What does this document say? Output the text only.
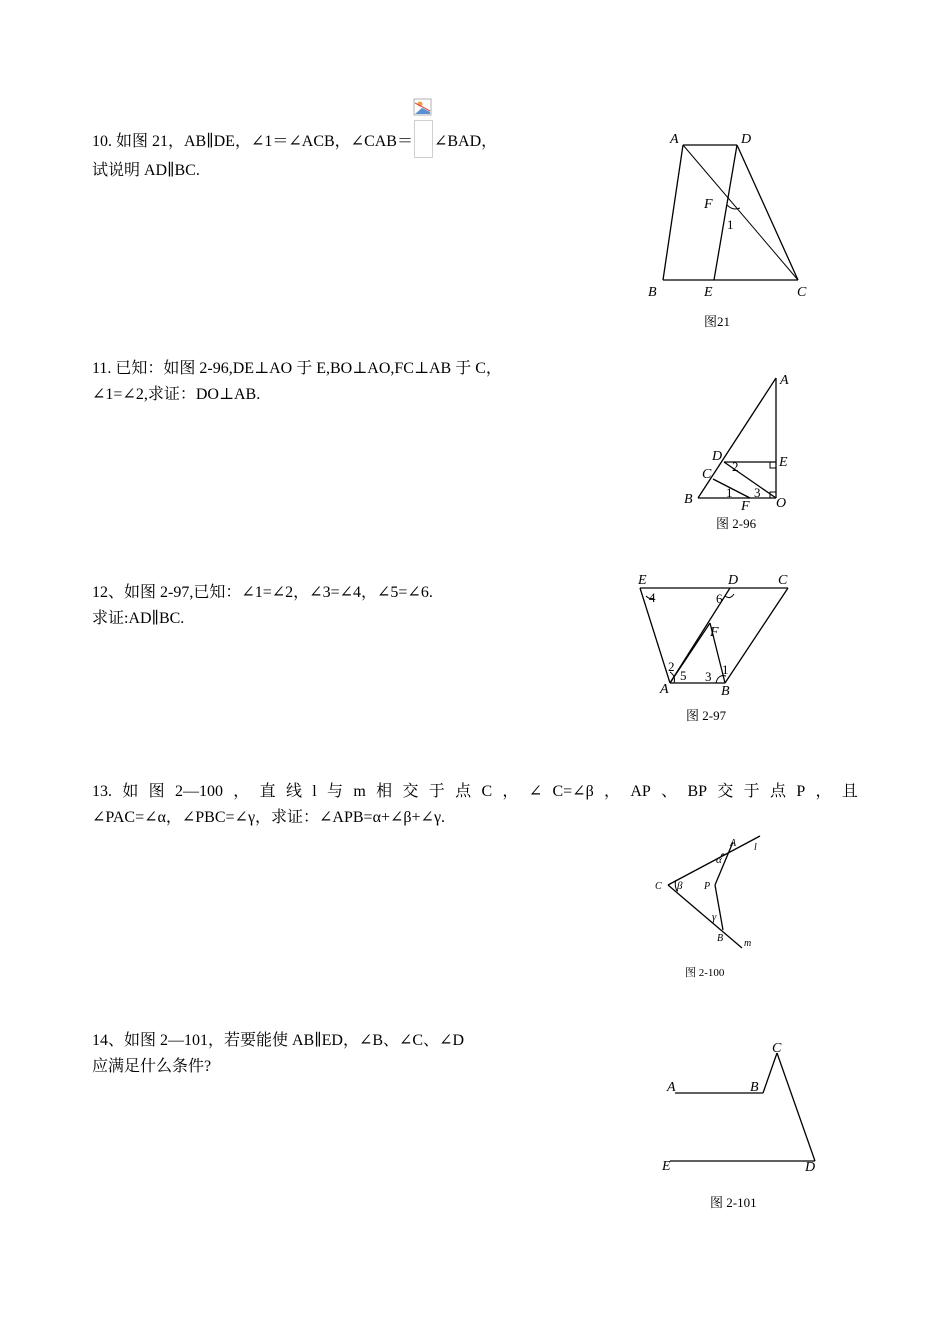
10. 如图 21，AB∥DE，∠1＝∠ACB，∠CAB＝ ∠BAD，

试说明 AD∥BC.

A	D
F
1
B	E	C
图21

11. 已知：如图 2-96,DE⊥AO 于 E,BO⊥AO,FC⊥AB 于 C，

∠1=∠2,求证：DO⊥AB.

A
D	E
2
C
1 3
B	F O
图 2-96

12、如图 2-97,已知：∠1=∠2，∠3=∠4，∠5=∠6.

求证:AD∥BC.

E	D	C
4	6
F
2
5 3 1
A	B
图 2-97

13. 如 图 2—100 ， 直 线 l 与 m 相 交 于 点 C ， ∠ C=∠β ， AP 、 BP 交 于 点 P ， 且

∠PAC=∠α，∠PBC=∠γ，求证：∠APB=α+∠β+∠γ.

A l
α
C β P
γ
B m
图 2-100

14、如图 2—101，若要能使 AB∥ED，∠B、∠C、∠D

应满足什么条件?

A	B
C
E	D
图 2-101
